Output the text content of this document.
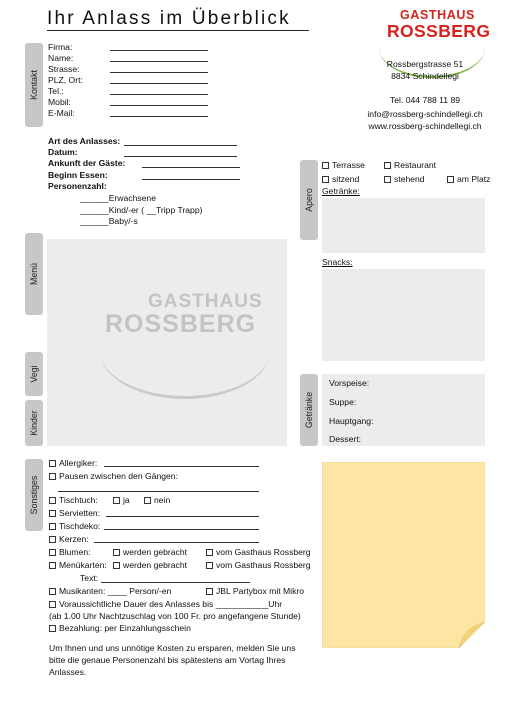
Ihr Anlass im Überblick	GASTHAUS
ROSSBERG
Rossbergstrasse 51
8834 Schindellegi
Tel. 044 788 11 89
info@rossberg-schindellegi.ch
www.rossberg-schindellegi.ch
Kontakt
Firma:
Name:
Strasse:
PLZ, Ort:
Tel.:
Mobil:
E-Mail:
Art des Anlasses:
Datum:
Ankunft der Gäste:
Beginn Essen:
Personenzahl:
______Erwachsene
______Kind/-er ( __Tripp Trapp)
______Baby/-s
Menü
Vegi
Kinder
GASTHAUS
ROSSBERG
Apero
Terrasse	Restaurant
sitzend	stehend	am Platz
Getränke:
Snacks:
Getränke
Vorspeise:
Suppe:
Hauptgang:
Dessert:
Sonstiges
Allergiker:
Pausen zwischen den Gängen:
Tischtuch:	ja	nein
Servietten:
Tischdeko:
Kerzen:
Blumen:	werden gebracht	vom Gasthaus Rossberg
Menükarten:	werden gebracht	vom Gasthaus Rossberg
Text:
Musikanten: ____ Person/-en	JBL Partybox mit Mikro
Voraussichtliche Dauer des Anlasses bis ___________Uhr
(ab 1.00 Uhr Nachtzuschlag von 100 Fr. pro angefangene Stunde)
Bezahlung: per Einzahlungsschein
Um Ihnen und uns unnötige Kosten zu ersparen, melden Sie uns bitte die genaue Personenzahl bis spätestens am Vortag Ihres Anlasses.
